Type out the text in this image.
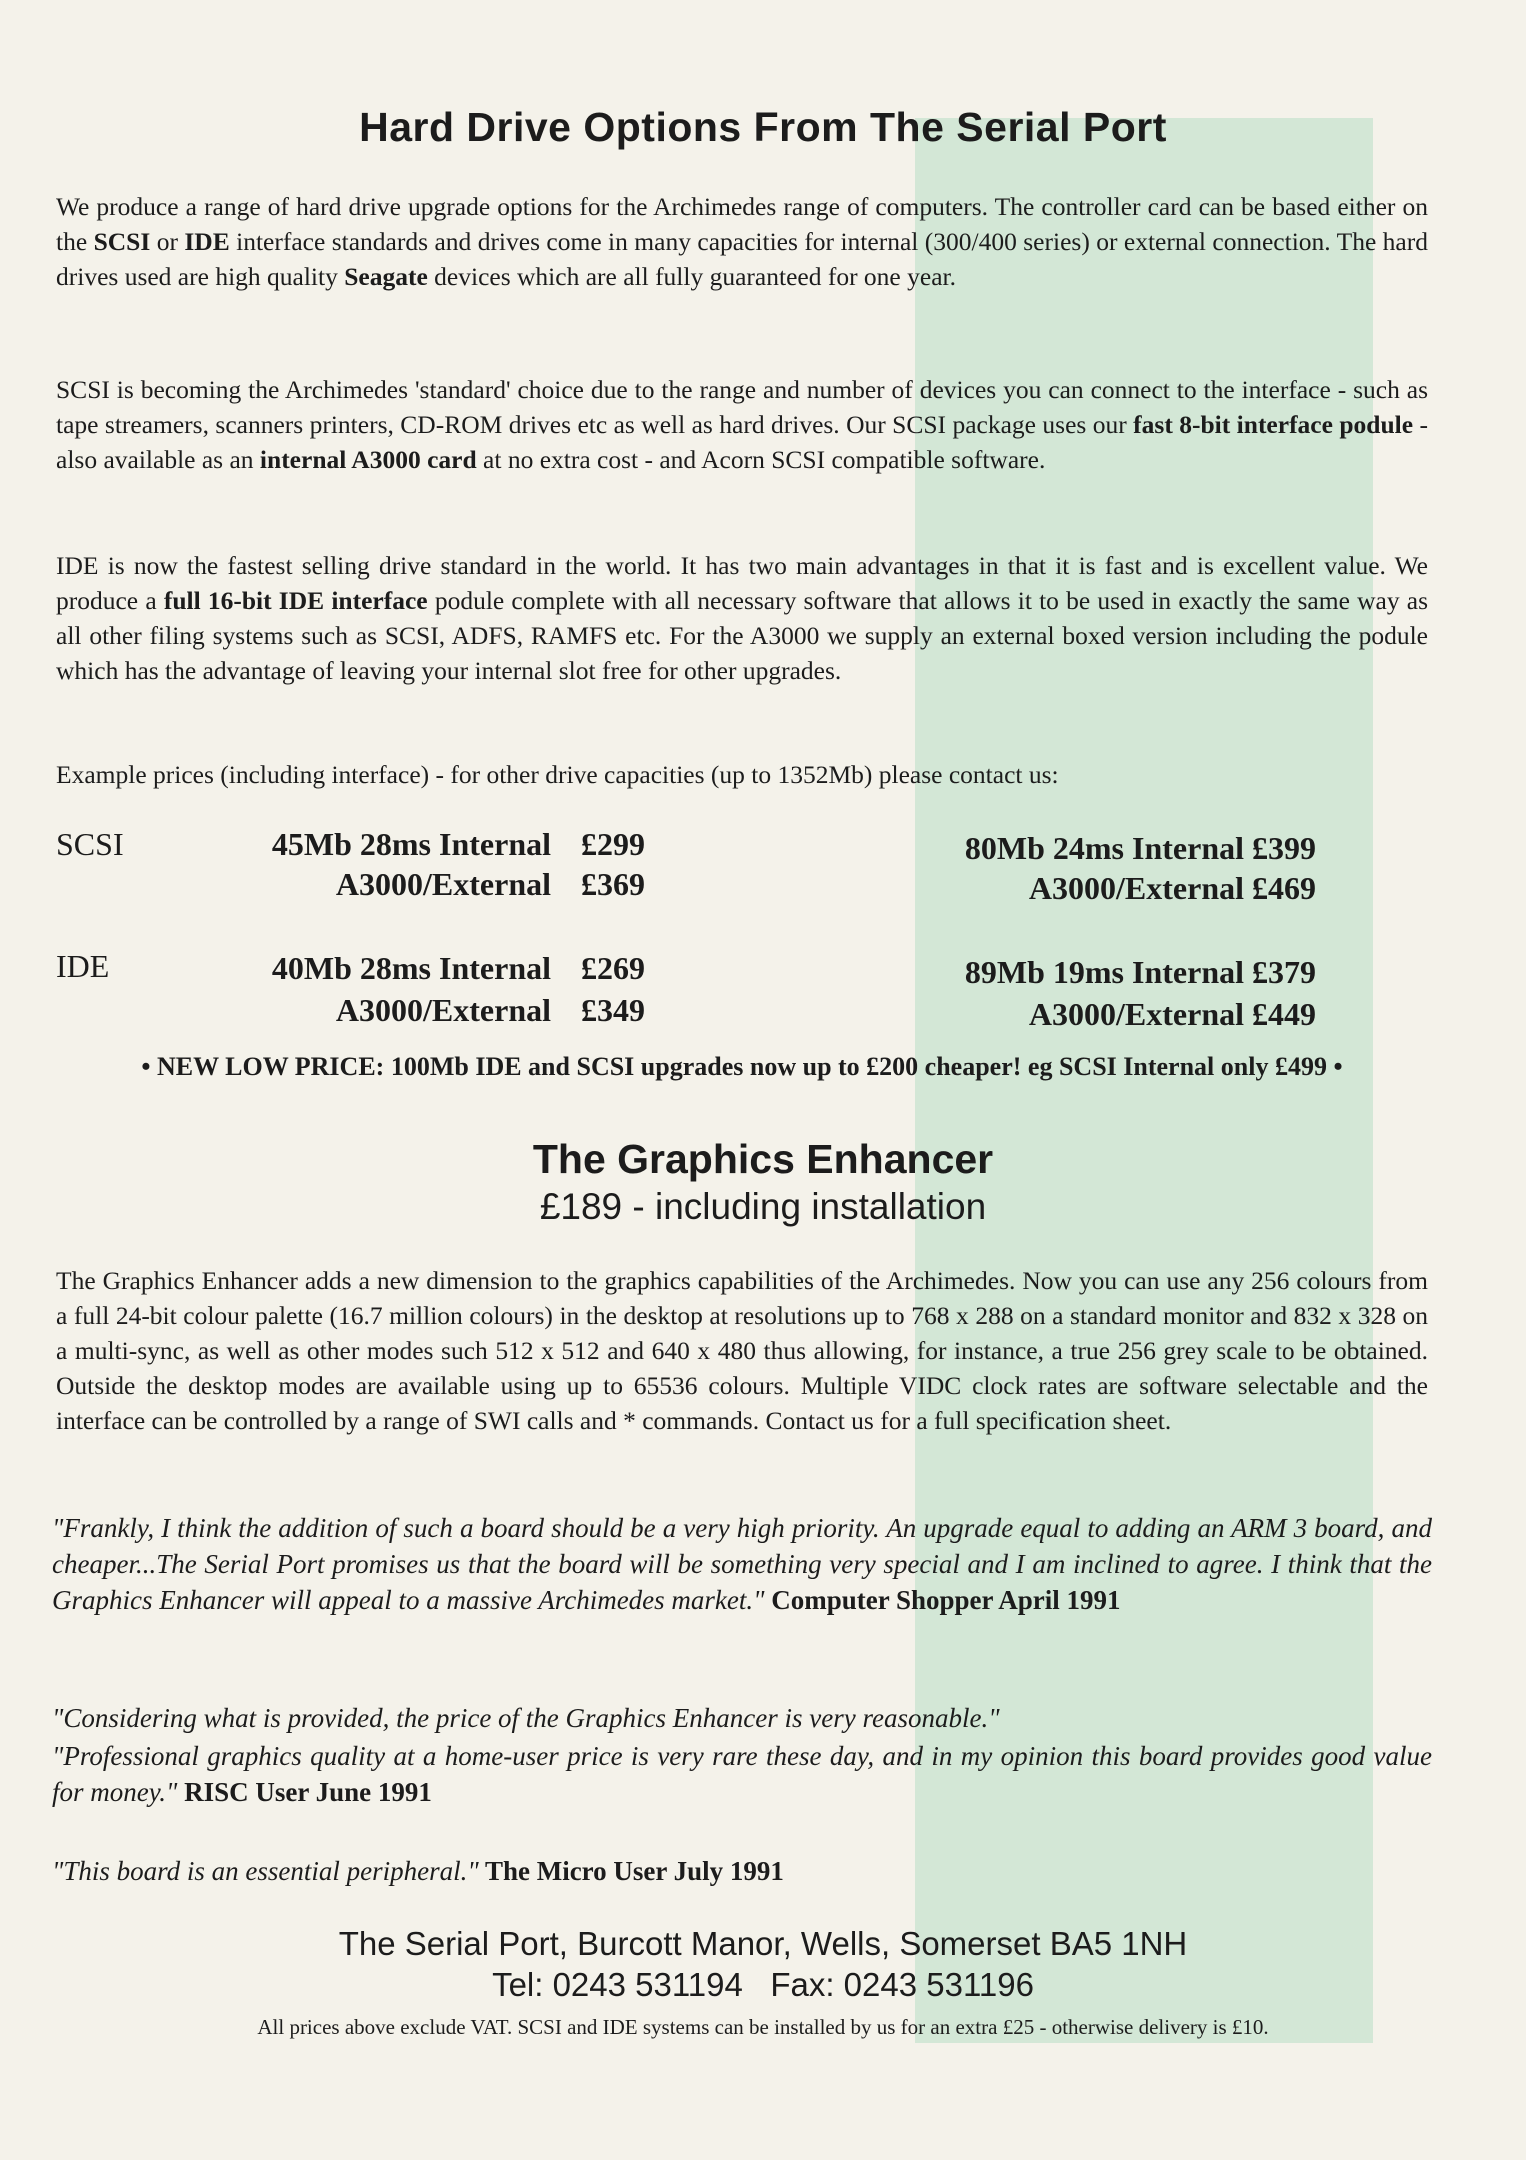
Hard Drive Options From The Serial Port

We produce a range of hard drive upgrade options for the Archimedes range of computers. The controller card can be based either on the SCSI or IDE interface standards and drives come in many capacities for internal (300/400 series) or external connection. The hard drives used are high quality Seagate devices which are all fully guaranteed for one year.

SCSI is becoming the Archimedes 'standard' choice due to the range and number of devices you can connect to the interface - such as tape streamers, scanners printers, CD-ROM drives etc as well as hard drives. Our SCSI package uses our fast 8-bit interface podule - also available as an internal A3000 card at no extra cost - and Acorn SCSI compatible software.

IDE is now the fastest selling drive standard in the world. It has two main advantages in that it is fast and is excellent value. We produce a full 16-bit IDE interface podule complete with all necessary software that allows it to be used in exactly the same way as all other filing systems such as SCSI, ADFS, RAMFS etc. For the A3000 we supply an external boxed version including the podule which has the advantage of leaving your internal slot free for other upgrades.

Example prices (including interface) - for other drive capacities (up to 1352Mb) please contact us:

SCSI	45Mb 28ms Internal £299
A3000/External £369
80Mb 24ms Internal £399
A3000/External £469
IDE	40Mb 28ms Internal £269
A3000/External £349
89Mb 19ms Internal £379
A3000/External £449
• NEW LOW PRICE: 100Mb IDE and SCSI upgrades now up to £200 cheaper! eg SCSI Internal only £499 •
The Graphics Enhancer
£189 - including installation

The Graphics Enhancer adds a new dimension to the graphics capabilities of the Archimedes. Now you can use any 256 colours from a full 24-bit colour palette (16.7 million colours) in the desktop at resolutions up to 768 x 288 on a standard monitor and 832 x 328 on a multi-sync, as well as other modes such 512 x 512 and 640 x 480 thus allowing, for instance, a true 256 grey scale to be obtained. Outside the desktop modes are available using up to 65536 colours. Multiple VIDC clock rates are software selectable and the interface can be controlled by a range of SWI calls and * commands. Contact us for a full specification sheet.

"Frankly, I think the addition of such a board should be a very high priority. An upgrade equal to adding an ARM 3 board, and cheaper...The Serial Port promises us that the board will be something very special and I am inclined to agree. I think that the Graphics Enhancer will appeal to a massive Archimedes market." Computer Shopper April 1991

"Considering what is provided, the price of the Graphics Enhancer is very reasonable."

"Professional graphics quality at a home-user price is very rare these day, and in my opinion this board provides good value for money." RISC User June 1991

"This board is an essential peripheral." The Micro User July 1991

The Serial Port, Burcott Manor, Wells, Somerset BA5 1NH
Tel: 0243 531194   Fax: 0243 531196
All prices above exclude VAT. SCSI and IDE systems can be installed by us for an extra £25 - otherwise delivery is £10.
